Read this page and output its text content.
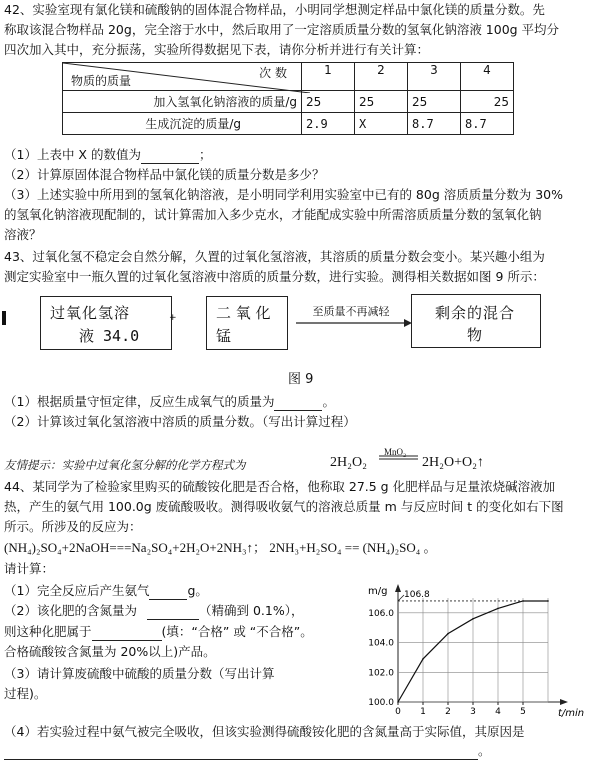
42、实验室现有氯化镁和硫酸钠的固体混合物样品，小明同学想测定样品中氯化镁的质量分数。先
称取该混合物样品 20g，完全溶于水中，然后取用了一定溶质质量分数的氢氧化钠溶液 100g 平均分
四次加入其中，充分振荡，实验所得数据见下表，请你分析并进行有关计算：
次 数
物质的质量	1	2	3	4
加入氢氧化钠溶液的质量/g	25	25	25	25
生成沉淀的质量/g	2.9	X	8.7	8.7
（1）上表中 X 的数值为	；
（2）计算原固体混合物样品中氯化镁的质量分数是多少？
（3）上述实验中所用到的氢氧化钠溶液，是小明同学利用实验室中已有的 80g 溶质质量分数为 30%
的氢氧化钠溶液现配制的，试计算需加入多少克水，才能配成实验中所需溶质质量分数的氢氧化钠
溶液？
43、过氧化氢不稳定会自然分解，久置的过氧化氢溶液，其溶质的质量分数会变小。某兴趣小组为
测定实验室中一瓶久置的过氧化氢溶液中溶质的质量分数，进行实验。测得相关数据如图 9 所示：
过氧化氢溶
液 34.0
+	二 氧 化
锰
至质量不再减轻	剩余的混合
物
图 9
（1）根据质量守恒定律，反应生成氧气的质量为	。
（2）计算该过氧化氢溶液中溶质的质量分数。（写出计算过程）
友情提示：实验中过氧化氢分解的化学方程式为	2H₂O₂
MnO₂
2H₂O+O₂↑
44、某同学为了检验家里购买的硫酸铵化肥是否合格，他称取 27.5 g 化肥样品与足量浓烧碱溶液加
热，产生的氨气用 100.0g 废硫酸吸收。测得吸收氨气的溶液总质量 m 与反应时间 t 的变化如右下图
所示。所涉及的反应为：
(NH₄)₂SO₄+2NaOH===Na₂SO₄+2H₂O+2NH₃↑； 2NH₃+H₂SO₄ == (NH₄)₂SO₄ 。
请计算：
（1）完全反应后产生氨气	g。
（2）该化肥的含氮量为	（精确到 0.1%），
则这种化肥属于	(填：“合格” 或 “不合格”。
合格硫酸铵含氮量为 20%以上)产品。
（3）请计算废硫酸中硫酸的质量分数（写出计算
过程)。
m/g
t/min
106.8
100.0
102.0
104.0
106.0
0 1 2 3 4 5
（4）若实验过程中氨气被完全吸收，但该实验测得硫酸铵化肥的含氮量高于实际值，其原因是
。
